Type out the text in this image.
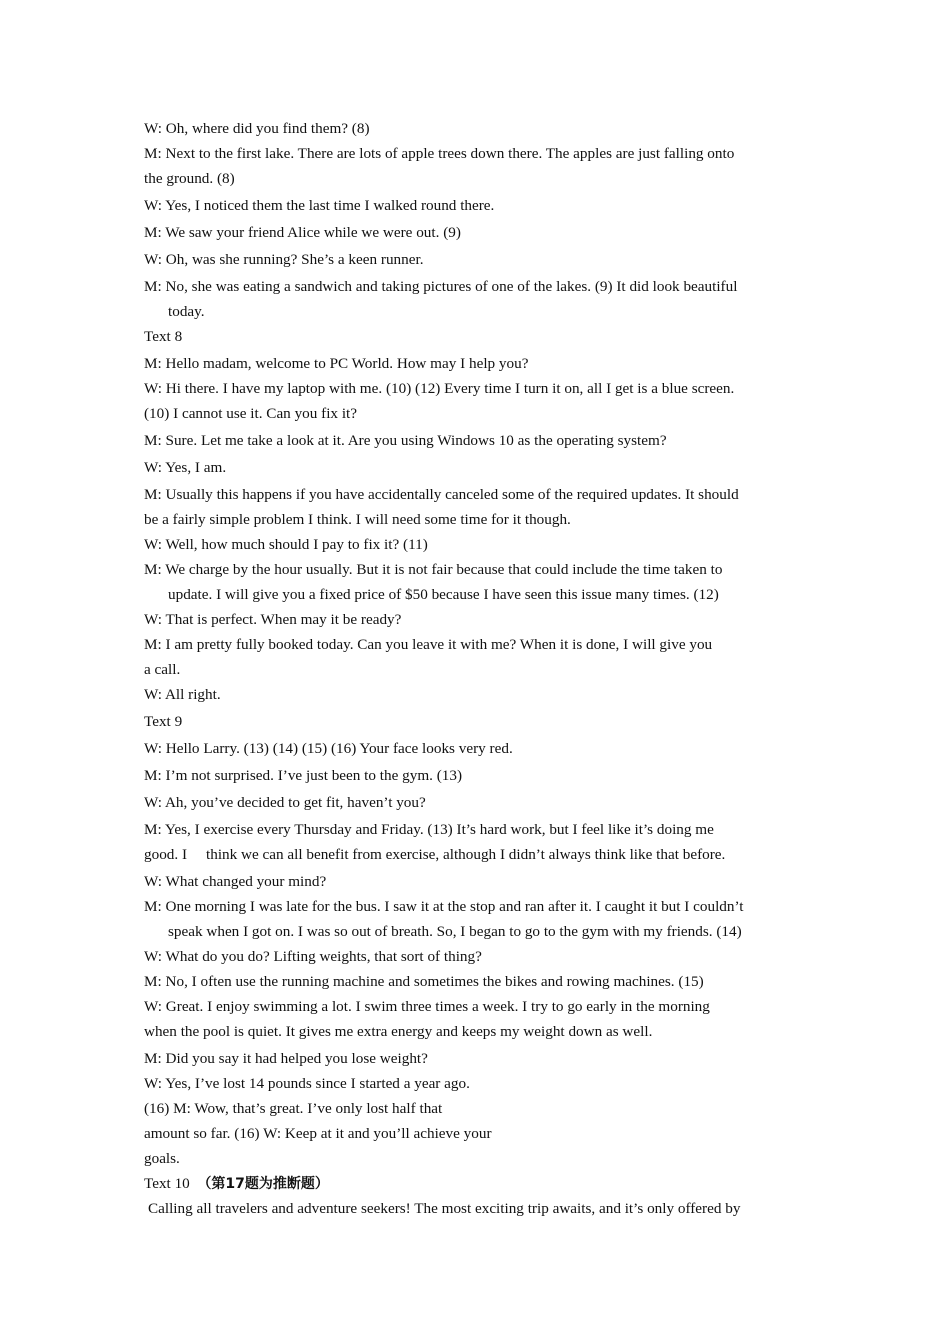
W: Oh, where did you find them? (8)
M: Next to the first lake. There are lots of apple trees down there. The apples are just falling onto
the ground. (8)
W: Yes, I noticed them the last time I walked round there.
M: We saw your friend Alice while we were out. (9)
W: Oh, was she running? She’s a keen runner.
M: No, she was eating a sandwich and taking pictures of one of the lakes. (9) It did look beautiful
today.
Text 8
M: Hello madam, welcome to PC World. How may I help you?
W: Hi there. I have my laptop with me. (10) (12) Every time I turn it on, all I get is a blue screen.
(10) I cannot use it. Can you fix it?
M: Sure. Let me take a look at it. Are you using Windows 10 as the operating system?
W: Yes, I am.
M: Usually this happens if you have accidentally canceled some of the required updates. It should
be a fairly simple problem I think. I will need some time for it though.
W: Well, how much should I pay to fix it? (11)
M: We charge by the hour usually. But it is not fair because that could include the time taken to
update. I will give you a fixed price of $50 because I have seen this issue many times. (12)
W: That is perfect. When may it be ready?
M: I am pretty fully booked today. Can you leave it with me? When it is done, I will give you
a call.
W: All right.
Text 9
W: Hello Larry. (13) (14) (15) (16) Your face looks very red.
M: I’m not surprised. I’ve just been to the gym. (13)
W: Ah, you’ve decided to get fit, haven’t you?
M: Yes, I exercise every Thursday and Friday. (13) It’s hard work, but I feel like it’s doing me
good. I     think we can all benefit from exercise, although I didn’t always think like that before.
W: What changed your mind?
M: One morning I was late for the bus. I saw it at the stop and ran after it. I caught it but I couldn’t
speak when I got on. I was so out of breath. So, I began to go to the gym with my friends. (14)
W: What do you do? Lifting weights, that sort of thing?
M: No, I often use the running machine and sometimes the bikes and rowing machines. (15)
W: Great. I enjoy swimming a lot. I swim three times a week. I try to go early in the morning
when the pool is quiet. It gives me extra energy and keeps my weight down as well.
M: Did you say it had helped you lose weight?
W: Yes, I’ve lost 14 pounds since I started a year ago.
(16) M: Wow, that’s great. I’ve only lost half that
amount so far. (16) W: Keep at it and you’ll achieve your
goals.
Text 10  （第17题为推断题）
Calling all travelers and adventure seekers! The most exciting trip awaits, and it’s only offered by
